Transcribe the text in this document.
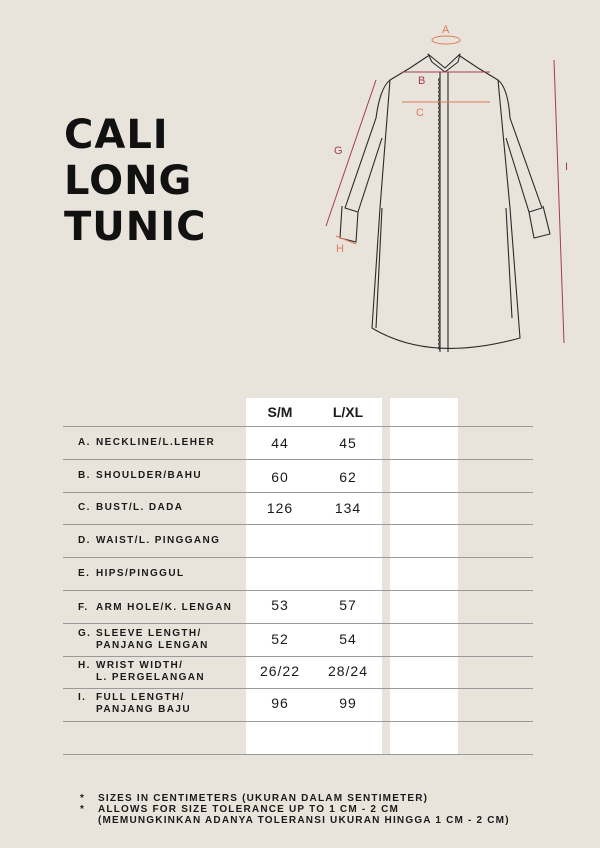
CALI
LONG
TUNIC
A
B
C
G
H
I
S/M	L/XL
A. NECKLINE/L.LEHER	44	45
B. SHOULDER/BAHU	60	62
C. BUST/L. DADA	126	134
D. WAIST/L. PINGGANG
E. HIPS/PINGGUL
F. ARM HOLE/K. LENGAN	53	57
G. SLEEVE LENGTH/
PANJANG LENGAN	52	54
H. WRIST WIDTH/
L. PERGELANGAN	26/22	28/24
I. FULL LENGTH/
PANJANG BAJU	96	99
* SIZES IN CENTIMETERS (UKURAN DALAM SENTIMETER)
* ALLOWS FOR SIZE TOLERANCE UP TO 1 CM - 2 CM
(MEMUNGKINKAN ADANYA TOLERANSI UKURAN HINGGA 1 CM - 2 CM)
